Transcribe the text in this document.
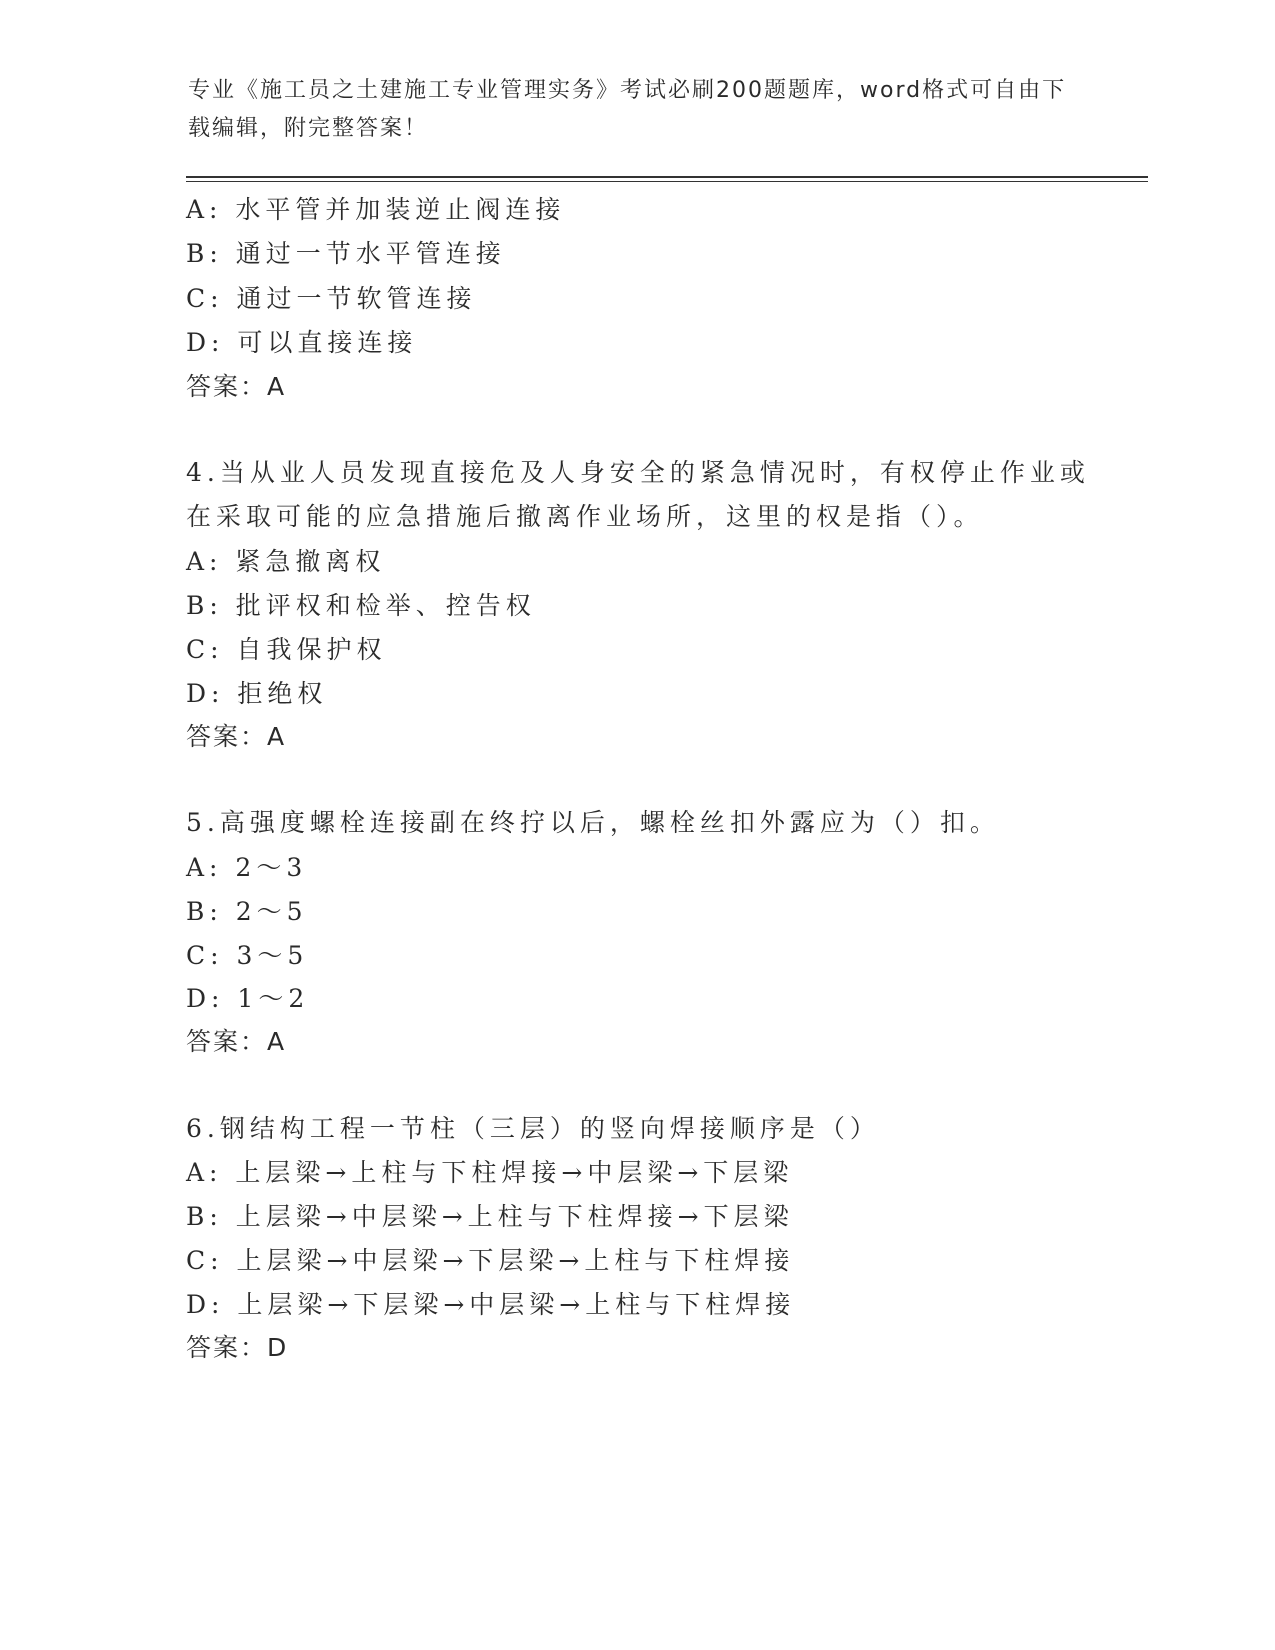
专业《施工员之土建施工专业管理实务》考试必刷200题题库，word格式可自由下载编辑，附完整答案！
A: 水平管并加装逆止阀连接
B: 通过一节水平管连接
C: 通过一节软管连接
D: 可以直接连接
答案：A
4.当从业人员发现直接危及人身安全的紧急情况时，有权停止作业或
在采取可能的应急措施后撤离作业场所，这里的权是指（）。
A: 紧急撤离权
B: 批评权和检举、控告权
C: 自我保护权
D: 拒绝权
答案：A
5.高强度螺栓连接副在终拧以后，螺栓丝扣外露应为（）扣。
A: 2～3
B: 2～5
C: 3～5
D: 1～2
答案：A
6.钢结构工程一节柱（三层）的竖向焊接顺序是（）
A: 上层梁→上柱与下柱焊接→中层梁→下层梁
B: 上层梁→中层梁→上柱与下柱焊接→下层梁
C: 上层梁→中层梁→下层梁→上柱与下柱焊接
D: 上层梁→下层梁→中层梁→上柱与下柱焊接
答案：D
